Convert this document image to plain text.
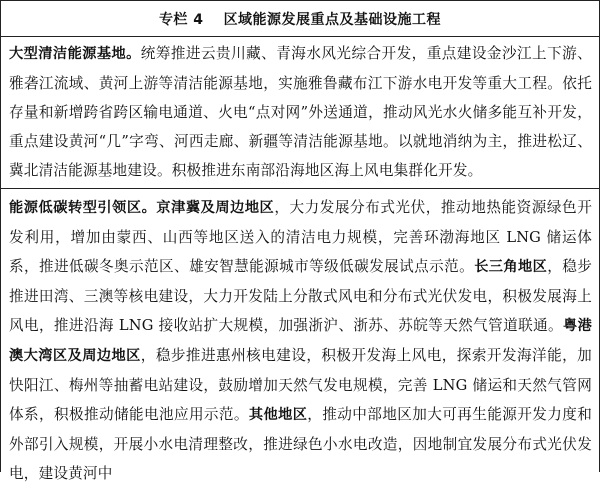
专栏 4 区域能源发展重点及基础设施工程
大型清洁能源基地。统筹推进云贵川藏、青海水风光综合开发，重点建设金沙江上下游、雅砻江流域、黄河上游等清洁能源基地，实施雅鲁藏布江下游水电开发等重大工程。依托存量和新增跨省跨区输电通道、火电“点对网”外送通道，推动风光水火储多能互补开发，重点建设黄河“几”字弯、河西走廊、新疆等清洁能源基地。以就地消纳为主，推进松辽、冀北清洁能源基地建设。积极推进东南部沿海地区海上风电集群化开发。
能源低碳转型引领区。京津冀及周边地区，大力发展分布式光伏，推动地热能资源绿色开发利用，增加由蒙西、山西等地区送入的清洁电力规模，完善环渤海地区 LNG 储运体系，推进低碳冬奥示范区、雄安智慧能源城市等级低碳发展试点示范。长三角地区，稳步推进田湾、三澳等核电建设，大力开发陆上分散式风电和分布式光伏发电，积极发展海上风电，推进沿海 LNG 接收站扩大规模，加强浙沪、浙苏、苏皖等天然气管道联通。粤港澳大湾区及周边地区，稳步推进惠州核电建设，积极开发海上风电，探索开发海洋能，加快阳江、梅州等抽蓄电站建设，鼓励增加天然气发电规模，完善 LNG 储运和天然气管网体系，积极推动储能电池应用示范。其他地区，推动中部地区加大可再生能源开发力度和外部引入规模，开展小水电清理整改，推进绿色小水电改造，因地制宜发展分布式光伏发电，建设黄河中
